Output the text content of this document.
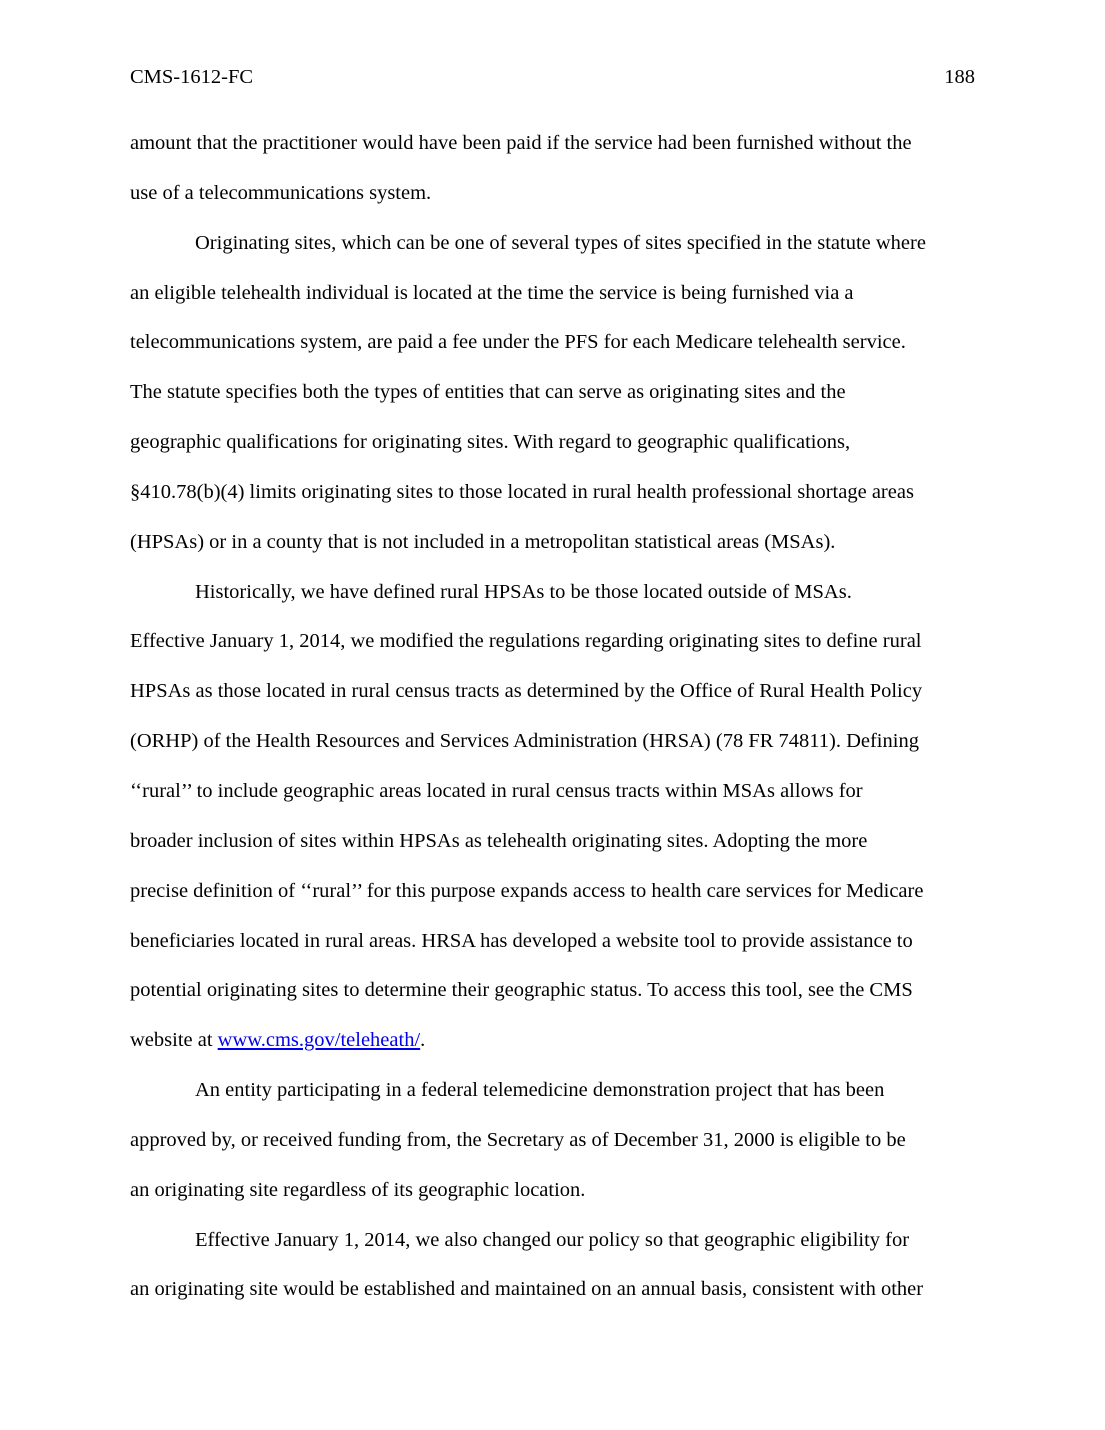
CMS-1612-FC	188
amount that the practitioner would have been paid if the service had been furnished without the
use of a telecommunications system.
Originating sites, which can be one of several types of sites specified in the statute where
an eligible telehealth individual is located at the time the service is being furnished via a
telecommunications system, are paid a fee under the PFS for each Medicare telehealth service.
The statute specifies both the types of entities that can serve as originating sites and the
geographic qualifications for originating sites. With regard to geographic qualifications,
§410.78(b)(4) limits originating sites to those located in rural health professional shortage areas
(HPSAs) or in a county that is not included in a metropolitan statistical areas (MSAs).
Historically, we have defined rural HPSAs to be those located outside of MSAs.
Effective January 1, 2014, we modified the regulations regarding originating sites to define rural
HPSAs as those located in rural census tracts as determined by the Office of Rural Health Policy
(ORHP) of the Health Resources and Services Administration (HRSA) (78 FR 74811). Defining
‘‘rural’’ to include geographic areas located in rural census tracts within MSAs allows for
broader inclusion of sites within HPSAs as telehealth originating sites. Adopting the more
precise definition of ‘‘rural’’ for this purpose expands access to health care services for Medicare
beneficiaries located in rural areas. HRSA has developed a website tool to provide assistance to
potential originating sites to determine their geographic status. To access this tool, see the CMS
website at www.cms.gov/teleheath/.
An entity participating in a federal telemedicine demonstration project that has been
approved by, or received funding from, the Secretary as of December 31, 2000 is eligible to be
an originating site regardless of its geographic location.
Effective January 1, 2014, we also changed our policy so that geographic eligibility for
an originating site would be established and maintained on an annual basis, consistent with other
